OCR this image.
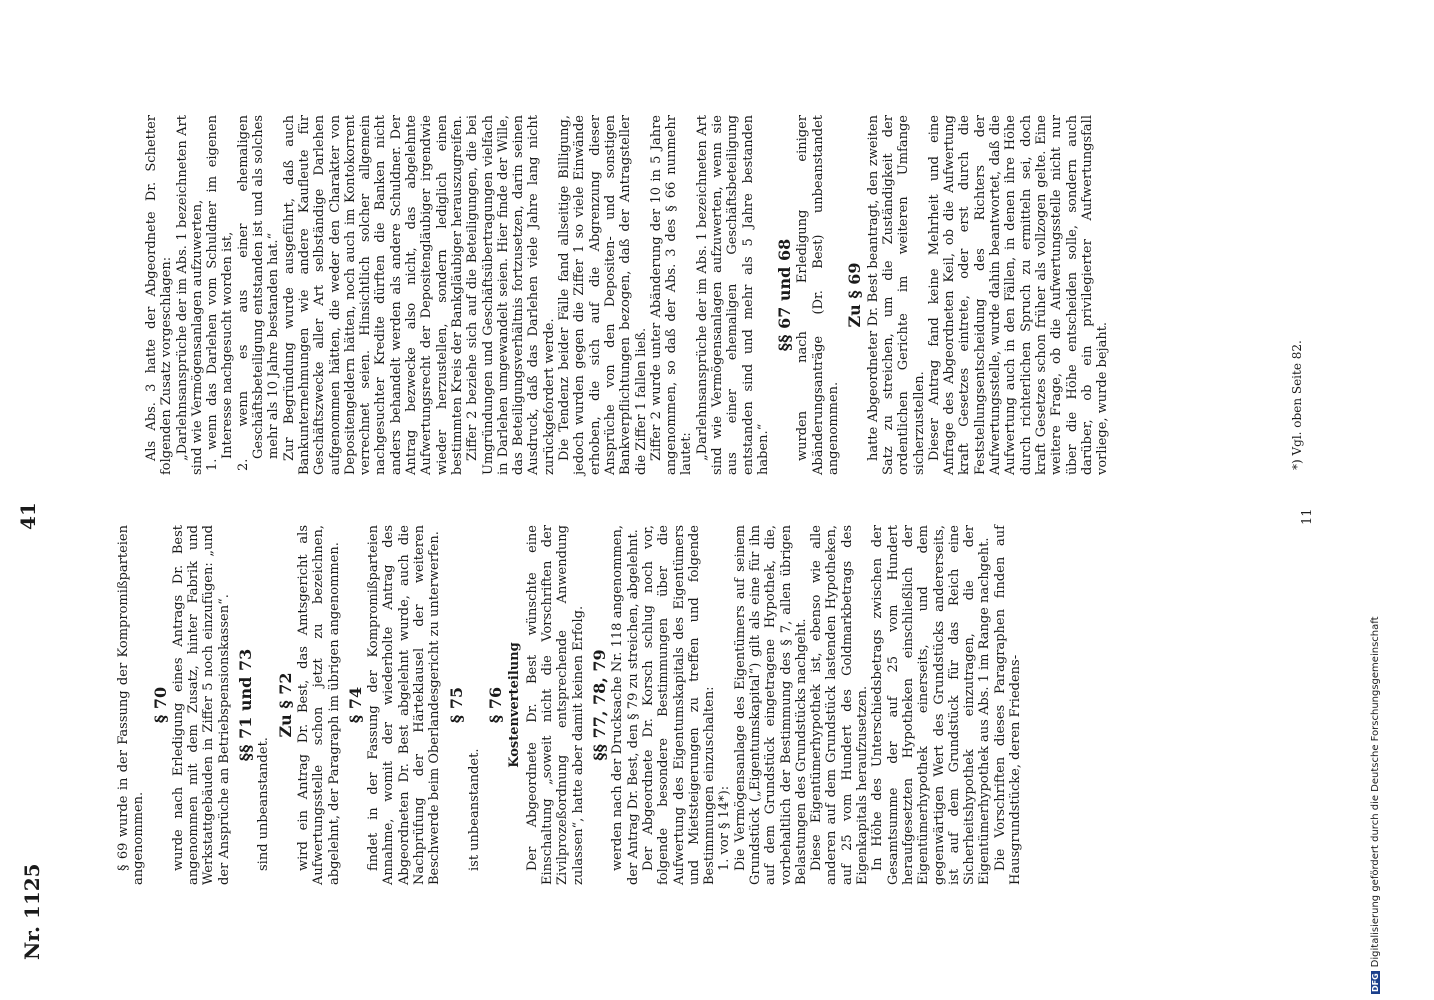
Nr. 1125
41

§ 69 wurde in der Fassung der Kompromißparteien angenommen.

§ 70 wurde nach Erledigung eines Antrags Dr. Best angenommen mit dem Zusatz, hinter Fabrik und Werkstattgebäuden in Ziffer 5 noch einzufügen: „und der Ansprüche an Betriebspensionskassen“. §§ 71 und 73

sind unbeanstandet.

Zu § 72 wird ein Antrag Dr. Best, das Amtsgericht als Aufwertungsstelle schon jetzt zu bezeichnen, abgelehnt, der Paragraph im übrigen angenommen. § 74 findet in der Fassung der Kompromißparteien Annahme, womit der wiederholte Antrag des Abgeordneten Dr. Best abgelehnt wurde, auch die Nachprüfung der Härteklausel der weiteren Beschwerde beim Oberlandesgericht zu unterwerfen. § 75

ist unbeanstandet.

§ 76 Kostenverteilung Der Abgeordnete Dr. Best wünschte eine Einschaltung „soweit nicht die Vorschriften der Zivilprozeßordnung entsprechende Anwendung zulassen“, hatte aber damit keinen Erfolg. §§ 77, 78, 79 werden nach der Drucksache Nr. 118 angenommen, der Antrag Dr. Best, den § 79 zu streichen, abgelehnt. Der Abgeordnete Dr. Korsch schlug noch vor, folgende besondere Bestimmungen über die Aufwertung des Eigentumskapitals des Eigentümers und Mietsteigerungen zu treffen und folgende Bestimmungen einzuschalten: 1. vor § 14*): Die Vermögensanlage des Eigentümers auf seinem Grundstück („Eigentumskapital“) gilt als eine für ihn auf dem Grundstück eingetragene Hypothek, die, vorbehaltlich der Bestimmung des § 7, allen übrigen Belastungen des Grundstücks nachgeht. Diese Eigentümerhypothek ist, ebenso wie alle anderen auf dem Grundstück lastenden Hypotheken, auf 25 vom Hundert des Goldmarkbetrags des Eigenkapitals heraufzusetzen. In Höhe des Unterschiedsbetrags zwischen der Gesamtsumme der auf 25 vom Hundert heraufgesetzten Hypotheken einschließlich der Eigentümerhypothek einerseits, und dem gegenwärtigen Wert des Grundstücks andererseits, ist auf dem Grundstück für das Reich eine Sicherheitshypothek einzutragen, die der Eigentümerhypothek aus Abs. 1 im Range nachgeht. Die Vorschriften dieses Paragraphen finden auf Hausgrundstücke, deren Friedens-

Als Abs. 3 hatte der Abgeordnete Dr. Schetter folgenden Zusatz vorgeschlagen: „Darlehnsansprüche der im Abs. 1 bezeichneten Art sind wie Vermögensanlagen aufzuwerten, 1. wenn das Darlehen vom Schuldner im eigenen Interesse nachgesucht worden ist, 2. wenn es aus einer ehemaligen Geschäftsbeteiligung entstanden ist und als solches mehr als 10 Jahre bestanden hat.“ Zur Begründung wurde ausgeführt, daß auch Bankunternehmungen wie andere Kaufleute für Geschäftszwecke aller Art selbständige Darlehen aufgenommen hätten, die weder den Charakter von Depositengeldern hätten, noch auch im Kontokorrent verrechnet seien. Hinsichtlich solcher allgemein nachgesuchter Kredite dürften die Banken nicht anders behandelt werden als andere Schuldner. Der Antrag bezwecke also nicht, das abgelehnte Aufwertungsrecht der Depositengläubiger irgendwie wieder herzustellen, sondern lediglich einen bestimmten Kreis der Bankgläubiger herauszugreifen. Ziffer 2 beziehe sich auf die Beteiligungen, die bei Umgründungen und Geschäftsübertragungen vielfach in Darlehen umgewandelt seien. Hier finde der Wille, das Beteiligungsverhältnis fortzusetzen, darin seinen Ausdruck, daß das Darlehen viele Jahre lang nicht zurückgefordert werde. Die Tendenz beider Fälle fand allseitige Billigung, jedoch wurden gegen die Ziffer 1 so viele Einwände erhoben, die sich auf die Abgrenzung dieser Ansprüche von den Depositen- und sonstigen Bankverpflichtungen bezogen, daß der Antragsteller die Ziffer 1 fallen ließ. Ziffer 2 wurde unter Abänderung der 10 in 5 Jahre angenommen, so daß der Abs. 3 des § 66 nunmehr lautet: „Darlehnsansprüche der im Abs. 1 bezeichneten Art sind wie Vermögensanlagen aufzuwerten, wenn sie aus einer ehemaligen Geschäftsbeteiligung entstanden sind und mehr als 5 Jahre bestanden haben.“

§§ 67 und 68 wurden nach Erledigung einiger Abänderungsanträge (Dr. Best) unbeanstandet angenommen.

Zu § 69 hatte Abgeordneter Dr. Best beantragt, den zweiten Satz zu streichen, um die Zuständigkeit der ordentlichen Gerichte im weiteren Umfange sicherzustellen. Dieser Antrag fand keine Mehrheit und eine Anfrage des Abgeordneten Keil, ob die Aufwertung kraft Gesetzes eintrete, oder erst durch die Feststellungsentscheidung des Richters der Aufwertungsstelle, wurde dahin beantwortet, daß die Aufwertung auch in den Fällen, in denen ihre Höhe durch richterlichen Spruch zu ermitteln sei, doch kraft Gesetzes schon früher als vollzogen gelte. Eine weitere Frage, ob die Aufwertungsstelle nicht nur über die Höhe entscheiden solle, sondern auch darüber, ob ein privilegierter Aufwertungsfall vorliege, wurde bejaht.	*) Vgl. oben Seite 82.
11
DFGDigitalisierung gefördert durch die Deutsche Forschungsgemeinschaft
